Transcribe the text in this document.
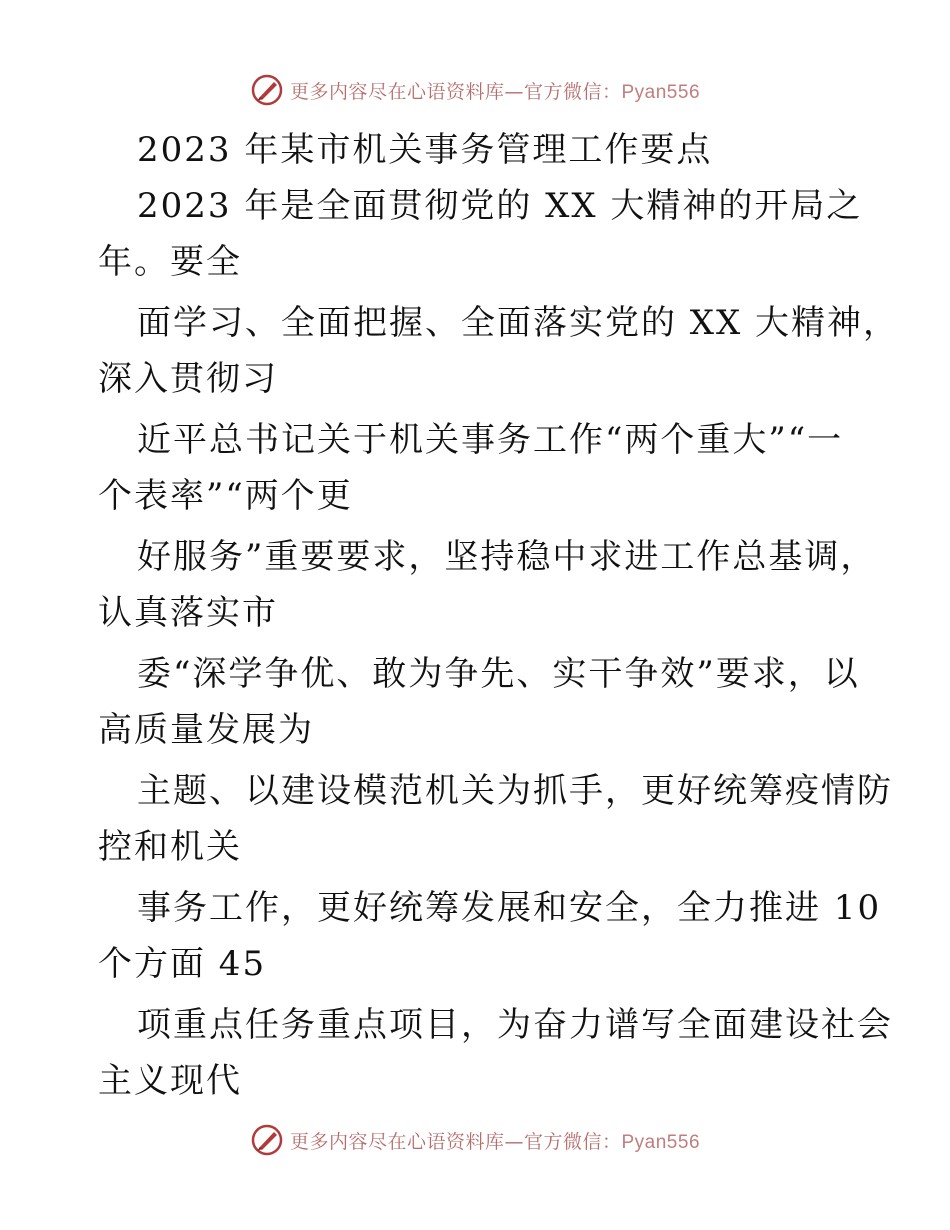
更多内容尽在心语资料库—官方微信：Pyan556
2023 年某市机关事务管理工作要点
2023 年是全面贯彻党的 XX 大精神的开局之
年。要全
面学习、全面把握、全面落实党的 XX 大精神，
深入贯彻习
近平总书记关于机关事务工作“两个重大”“一
个表率”“两个更
好服务”重要要求，坚持稳中求进工作总基调，
认真落实市
委“深学争优、敢为争先、实干争效”要求，以
高质量发展为
主题、以建设模范机关为抓手，更好统筹疫情防
控和机关
事务工作，更好统筹发展和安全，全力推进 10
个方面 45
项重点任务重点项目，为奋力谱写全面建设社会
主义现代
更多内容尽在心语资料库—官方微信：Pyan556
